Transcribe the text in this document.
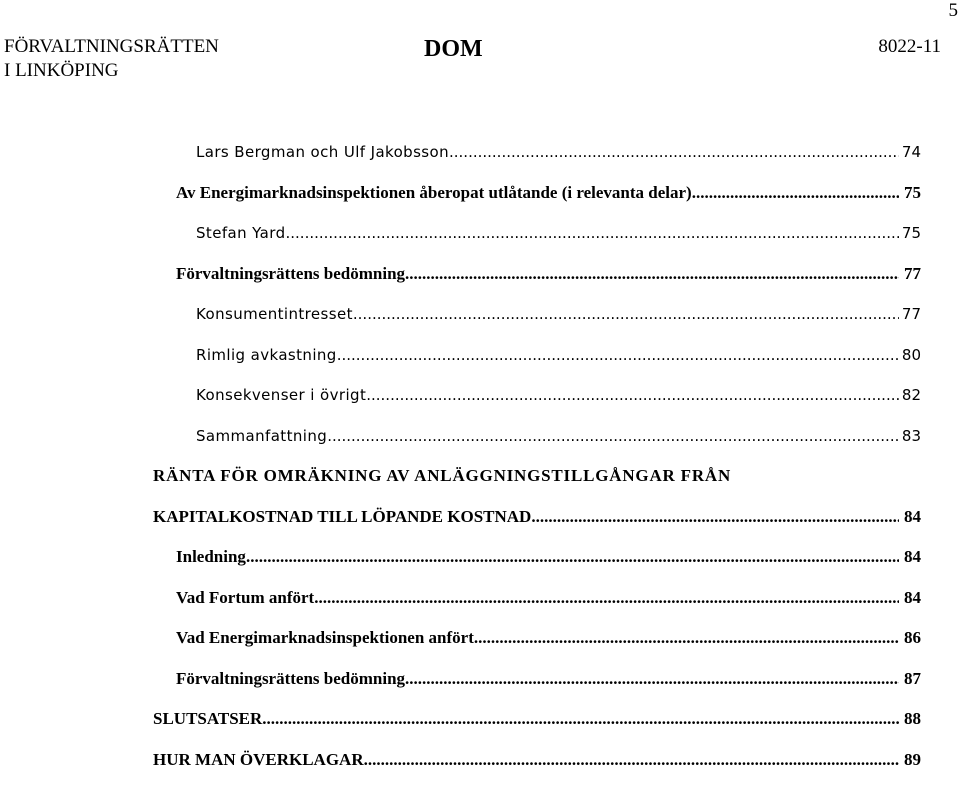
5
FÖRVALTNINGSRÄTTEN
I LINKÖPING
DOM	8022-11
Lars Bergman och Ulf Jakobsson .....	74
Av Energimarknadsinspektionen åberopat utlåtande (i relevanta delar) .....	75
Stefan Yard .....	75
Förvaltningsrättens bedömning .....	77
Konsumentintresset .....	77
Rimlig avkastning .....	80
Konsekvenser i övrigt .....	82
Sammanfattning .....	83
RÄNTA FÖR OMRÄKNING AV ANLÄGGNINGSTILLGÅNGAR FRÅN
KAPITALKOSTNAD TILL LÖPANDE KOSTNAD .....	84
Inledning .....	84
Vad Fortum anfört .....	84
Vad Energimarknadsinspektionen anfört .....	86
Förvaltningsrättens bedömning .....	87
SLUTSATSER .....	88
HUR MAN ÖVERKLAGAR .....	89
